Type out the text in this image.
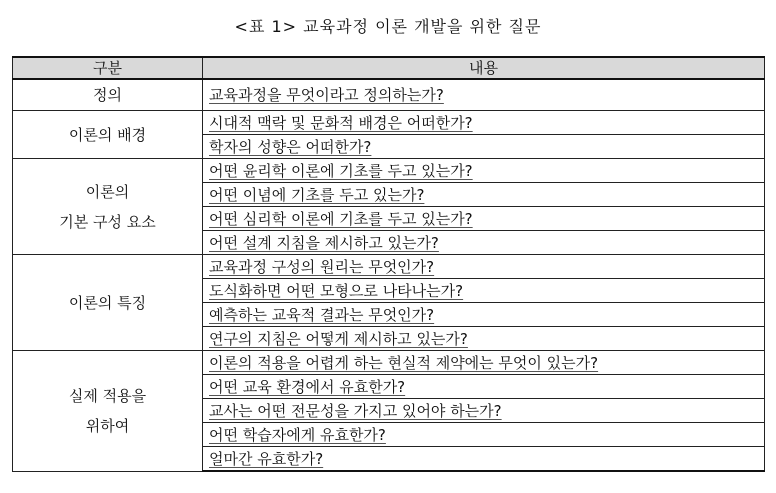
<표 1> 교육과정 이론 개발을 위한 질문
구분	내용

정의	교육과정을 무엇이라고 정의하는가?

이론의 배경	시대적 맥락 및 문화적 배경은 어떠한가?
	학자의 성향은 어떠한가?

이론의
기본 구성 요소	어떤 윤리학 이론에 기초를 두고 있는가?
	어떤 이념에 기초를 두고 있는가?
	어떤 심리학 이론에 기초를 두고 있는가?
	어떤 설계 지침을 제시하고 있는가?

이론의 특징	교육과정 구성의 원리는 무엇인가?
	도식화하면 어떤 모형으로 나타나는가?
	예측하는 교육적 결과는 무엇인가?
	연구의 지침은 어떻게 제시하고 있는가?

실제 적용을
위하여	이론의 적용을 어렵게 하는 현실적 제약에는 무엇이 있는가?
	어떤 교육 환경에서 유효한가?
	교사는 어떤 전문성을 가지고 있어야 하는가?
	어떤 학습자에게 유효한가?
	얼마간 유효한가?
